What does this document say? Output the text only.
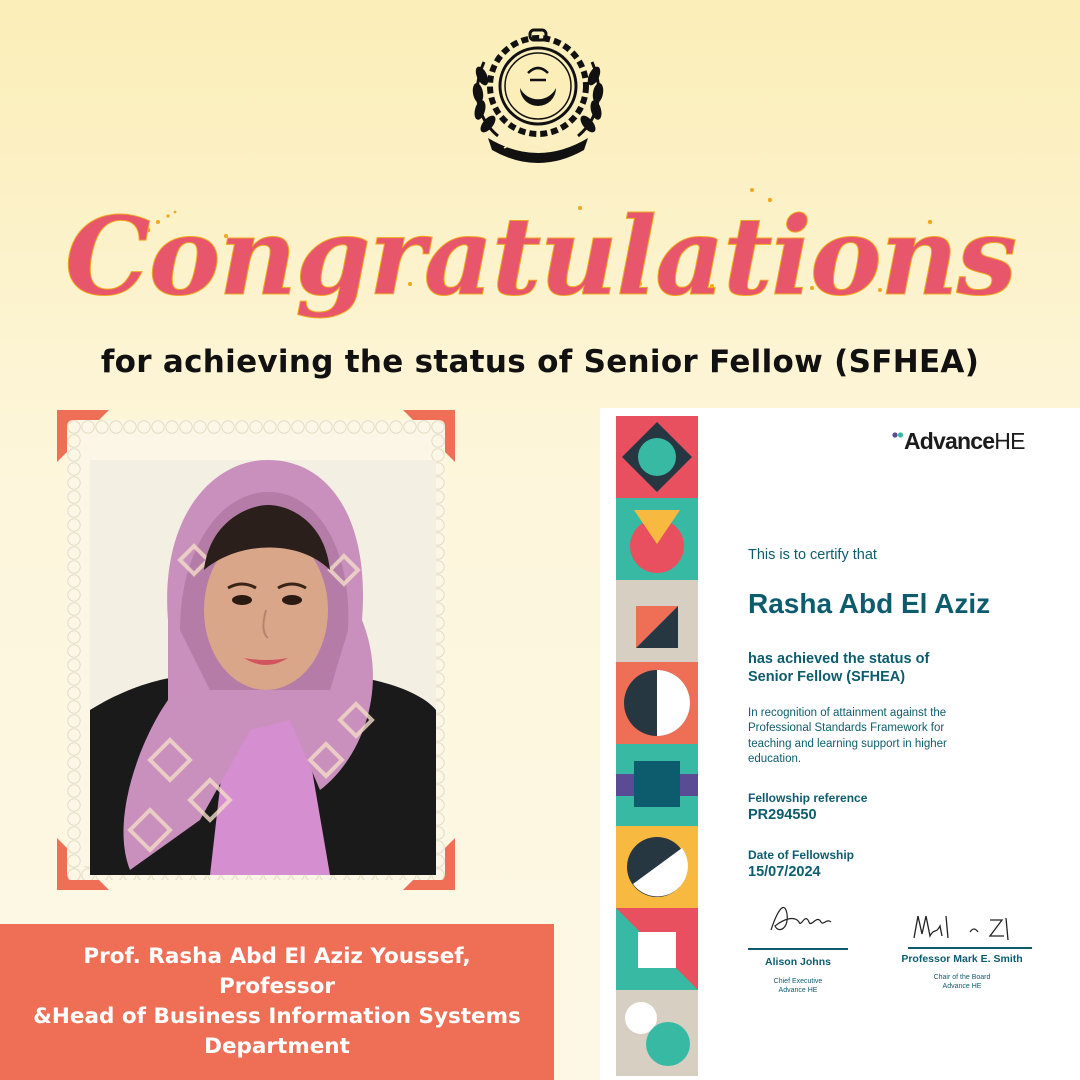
Congratulations
for achieving the status of Senior Fellow (SFHEA)
Prof. Rasha Abd El Aziz Youssef,
Professor
&Head of Business Information Systems
Department
AdvanceHE
This is to certify that
Rasha Abd El Aziz
has achieved the status of
Senior Fellow (SFHEA)
In recognition of attainment against the Professional Standards Framework for teaching and learning support in higher education.
Fellowship reference
PR294550
Date of Fellowship
15/07/2024
Alison Johns
Chief Executive
Advance HE
Professor Mark E. Smith
Chair of the Board
Advance HE
